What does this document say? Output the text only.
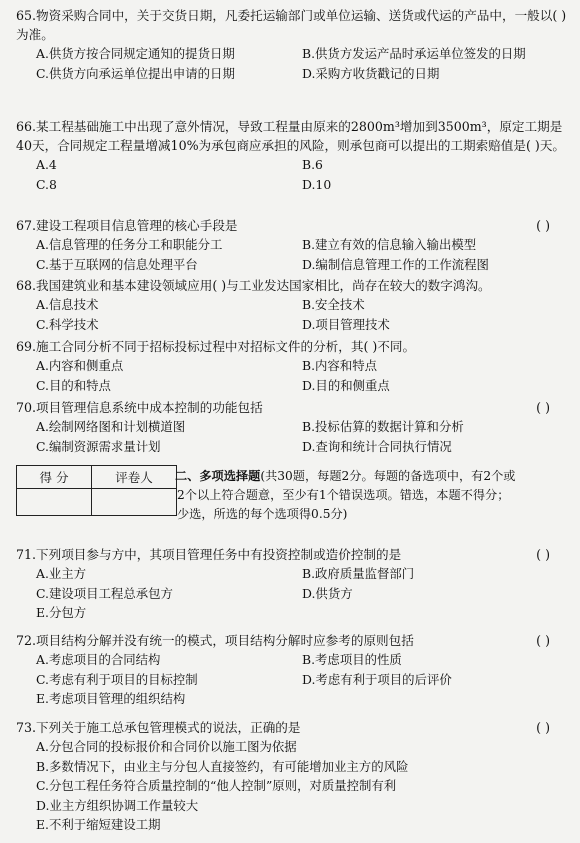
65.物资采购合同中，关于交货日期，凡委托运输部门或单位运输、送货或代运的产品中，一般以( )为准。
A.供货方按合同规定通知的提货日期	B.供货方发运产品时承运单位签发的日期
C.供货方向承运单位提出申请的日期	D.采购方收货戳记的日期
66.某工程基础施工中出现了意外情况，导致工程量由原来的2800m³增加到3500m³，原定工期是40天，合同规定工程量增减10%为承包商应承担的风险，则承包商可以提出的工期索赔值是( )天。
A.4	B.6
C.8	D.10
67.建设工程项目信息管理的核心手段是	( )
A.信息管理的任务分工和职能分工	B.建立有效的信息输入输出模型
C.基于互联网的信息处理平台	D.编制信息管理工作的工作流程图
68.我国建筑业和基本建设领域应用( )与工业发达国家相比，尚存在较大的数字鸿沟。
A.信息技术	B.安全技术
C.科学技术	D.项目管理技术
69.施工合同分析不同于招标投标过程中对招标文件的分析，其( )不同。
A.内容和侧重点	B.内容和特点
C.目的和特点	D.目的和侧重点
70.项目管理信息系统中成本控制的功能包括	( )
A.绘制网络图和计划横道图	B.投标估算的数据计算和分析
C.编制资源需求量计划	D.查询和统计合同执行情况
得 分	评卷人
	二、多项选择题(共30题，每题2分。每题的备选项中，有2个或
2个以上符合题意，至少有1个错误选项。错选，本题不得分；
少选，所选的每个选项得0.5分)
71.下列项目参与方中，其项目管理任务中有投资控制或造价控制的是	( )
A.业主方	B.政府质量监督部门
C.建设项目工程总承包方	D.供货方
E.分包方
72.项目结构分解并没有统一的模式，项目结构分解时应参考的原则包括	( )
A.考虑项目的合同结构	B.考虑项目的性质
C.考虑有利于项目的目标控制	D.考虑有利于项目的后评价
E.考虑项目管理的组织结构
73.下列关于施工总承包管理模式的说法，正确的是	( )
A.分包合同的投标报价和合同价以施工图为依据
B.多数情况下，由业主与分包人直接签约，有可能增加业主方的风险
C.分包工程任务符合质量控制的“他人控制”原则，对质量控制有利
D.业主方组织协调工作量较大
E.不利于缩短建设工期
